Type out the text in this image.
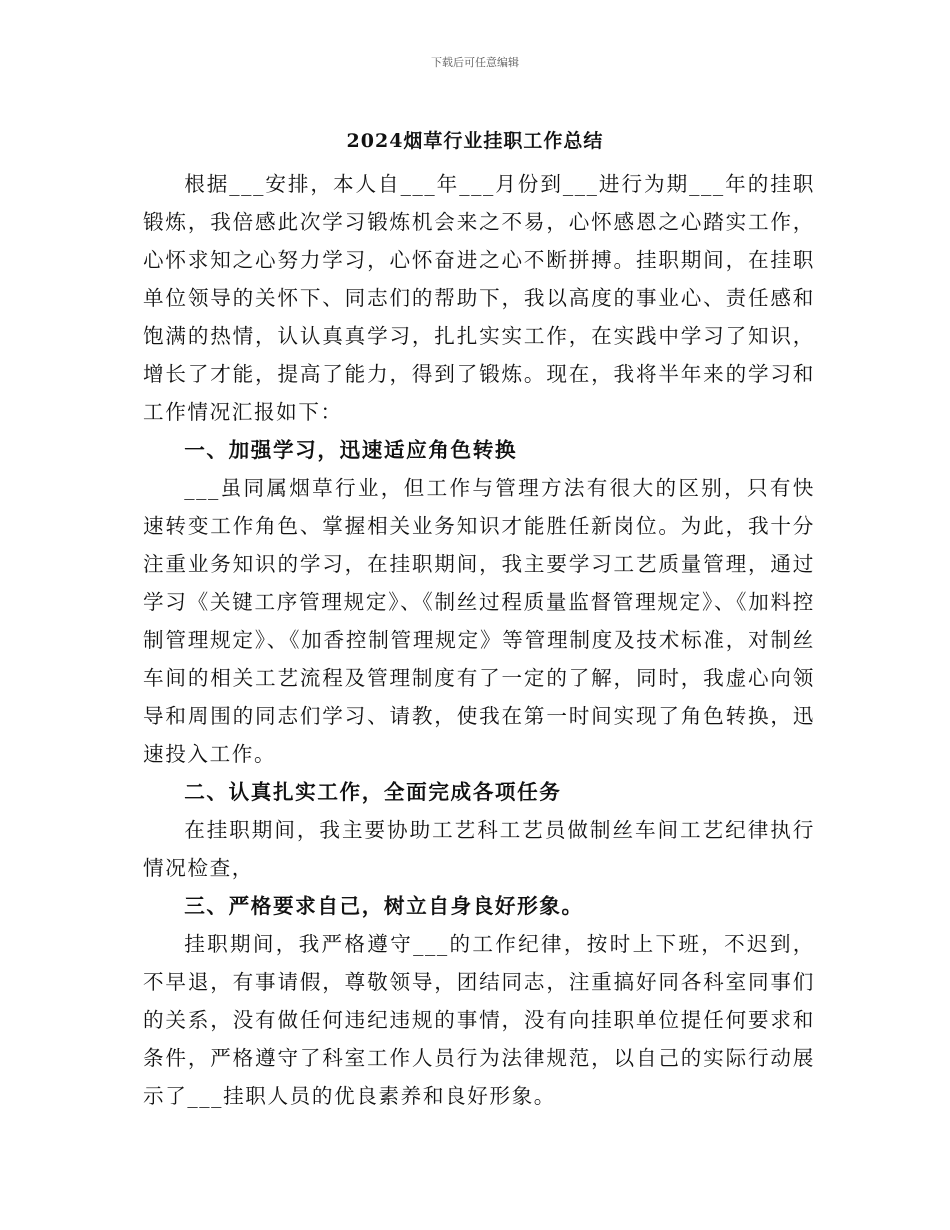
下载后可任意编辑
2024烟草行业挂职工作总结

根据___安排，本人自___年___月份到___进行为期___年的挂职锻炼，我倍感此次学习锻炼机会来之不易，心怀感恩之心踏实工作，心怀求知之心努力学习，心怀奋进之心不断拼搏。挂职期间，在挂职单位领导的关怀下、同志们的帮助下，我以高度的事业心、责任感和饱满的热情，认认真真学习，扎扎实实工作，在实践中学习了知识，增长了才能，提高了能力，得到了锻炼。现在，我将半年来的学习和工作情况汇报如下：

一、加强学习，迅速适应角色转换

___虽同属烟草行业，但工作与管理方法有很大的区别，只有快速转变工作角色、掌握相关业务知识才能胜任新岗位。为此，我十分注重业务知识的学习，在挂职期间，我主要学习工艺质量管理，通过学习《关键工序管理规定》、《制丝过程质量监督管理规定》、《加料控制管理规定》、《加香控制管理规定》等管理制度及技术标准，对制丝车间的相关工艺流程及管理制度有了一定的了解，同时，我虚心向领导和周围的同志们学习、请教，使我在第一时间实现了角色转换，迅速投入工作。

二、认真扎实工作，全面完成各项任务

在挂职期间，我主要协助工艺科工艺员做制丝车间工艺纪律执行情况检查，

三、严格要求自己，树立自身良好形象。

挂职期间，我严格遵守___的工作纪律，按时上下班，不迟到，不早退，有事请假，尊敬领导，团结同志，注重搞好同各科室同事们的关系，没有做任何违纪违规的事情，没有向挂职单位提任何要求和条件，严格遵守了科室工作人员行为法律规范，以自己的实际行动展示了___挂职人员的优良素养和良好形象。
